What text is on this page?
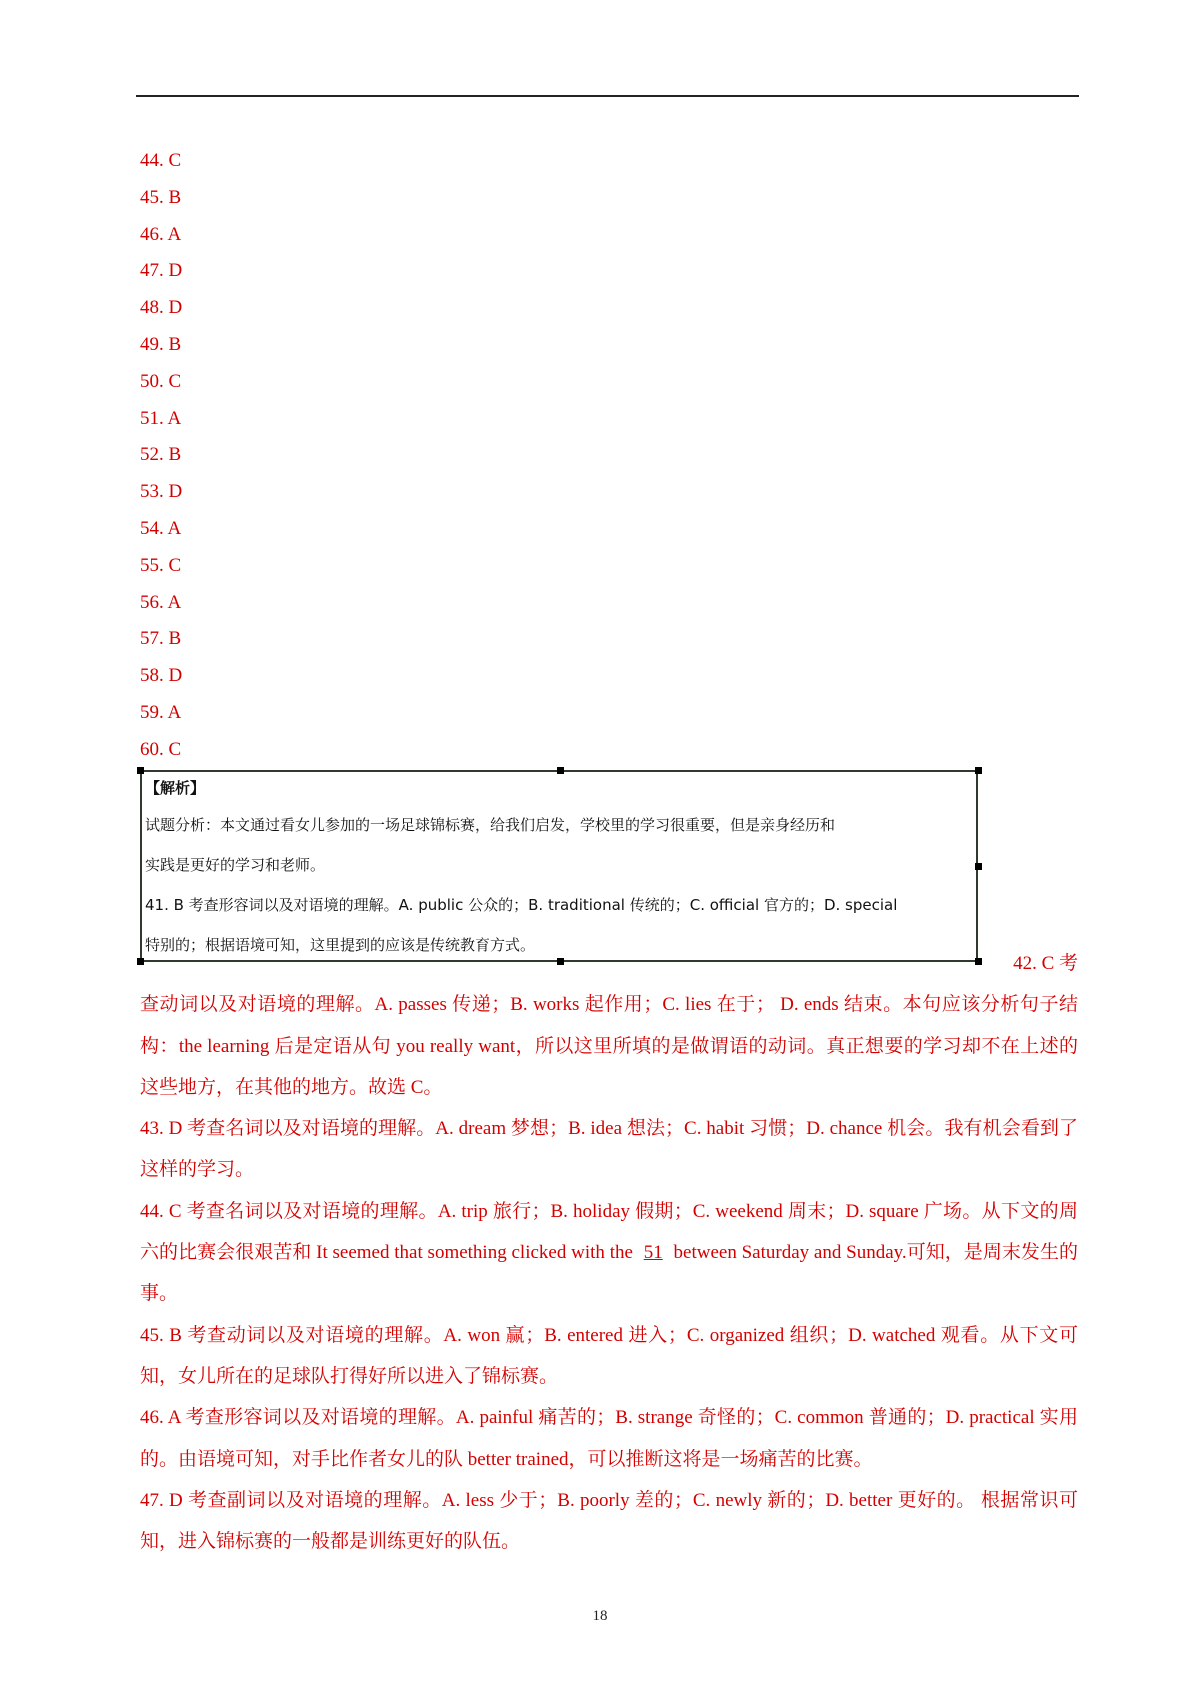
44. C
45. B
46. A
47. D
48. D
49. B
50. C
51. A
52. B
53. D
54. A
55. C
56. A
57. B
58. D
59. A
60. C

【解析】

试题分析：本文通过看女儿参加的一场足球锦标赛，给我们启发，学校里的学习很重要，但是亲身经历和

实践是更好的学习和老师。

41. B 考查形容词以及对语境的理解。A. public 公众的；B. traditional 传统的；C. official 官方的；D. special

特别的；根据语境可知，这里提到的应该是传统教育方式。

42. C 考
查动词以及对语境的理解。A. passes 传递；B. works 起作用；C. lies 在于； D. ends 结束。本句应该分析句子结构：the learning 后是定语从句 you really want，所以这里所填的是做谓语的动词。真正想要的学习却不在上述的这些地方，在其他的地方。故选 C。

43. D 考查名词以及对语境的理解。A. dream 梦想；B. idea 想法；C. habit 习惯；D. chance 机会。我有机会看到了这样的学习。

44. C 考查名词以及对语境的理解。A. trip 旅行；B. holiday 假期；C. weekend 周末；D. square 广场。从下文的周六的比赛会很艰苦和 It seemed that something clicked with the 51 between Saturday and Sunday.可知，是周末发生的事。

45. B 考查动词以及对语境的理解。A. won 赢；B. entered 进入；C. organized 组织；D. watched 观看。从下文可知，女儿所在的足球队打得好所以进入了锦标赛。

46. A 考查形容词以及对语境的理解。A. painful 痛苦的；B. strange 奇怪的；C. common 普通的；D. practical 实用的。由语境可知，对手比作者女儿的队 better trained，可以推断这将是一场痛苦的比赛。

47. D 考查副词以及对语境的理解。A. less 少于；B. poorly 差的；C. newly 新的；D. better 更好的。 根据常识可知，进入锦标赛的一般都是训练更好的队伍。

18
